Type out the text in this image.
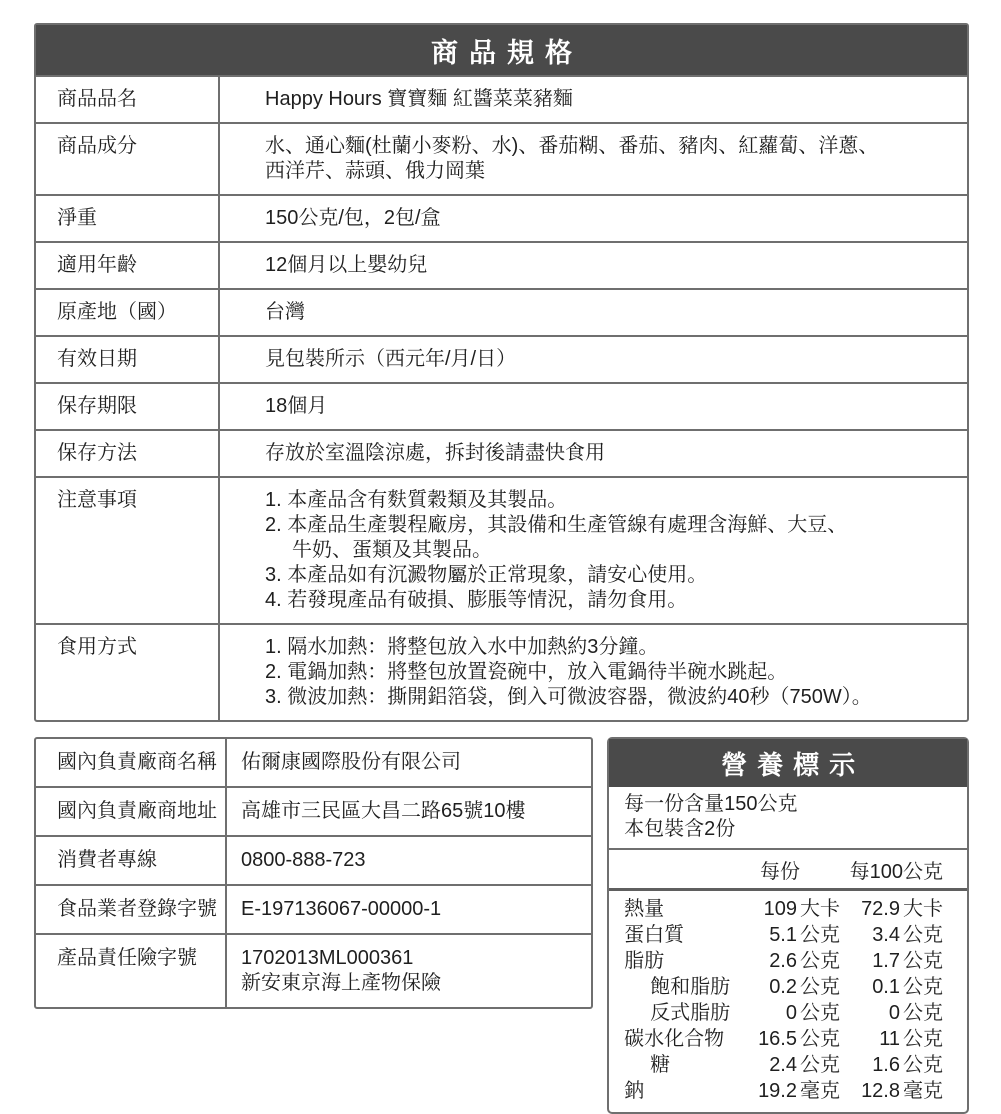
商品規格
商品品名	Happy Hours 寶寶麵 紅醬菜菜豬麵
商品成分	水、通心麵(杜蘭小麥粉、水)、番茄糊、番茄、豬肉、紅蘿蔔、洋蔥、
西洋芹、蒜頭、俄力岡葉
淨重	150公克/包，2包/盒
適用年齡	12個月以上嬰幼兒
原產地（國）	台灣
有效日期	見包裝所示（西元年/月/日）
保存期限	18個月
保存方法	存放於室溫陰涼處，拆封後請盡快食用
注意事項	1. 本產品含有麩質穀類及其製品。
2. 本產品生產製程廠房，其設備和生產管線有處理含海鮮、大豆、
牛奶、蛋類及其製品。
3. 本產品如有沉澱物屬於正常現象，請安心使用。
4. 若發現產品有破損、膨脹等情況，請勿食用。
食用方式	1. 隔水加熱：將整包放入水中加熱約3分鐘。
2. 電鍋加熱：將整包放置瓷碗中，放入電鍋待半碗水跳起。
3. 微波加熱：撕開鋁箔袋，倒入可微波容器，微波約40秒（750W）。
國內負責廠商名稱	佑爾康國際股份有限公司
國內負責廠商地址	高雄市三民區大昌二路65號10樓
消費者專線	0800-888-723
食品業者登錄字號	E-197136067-00000-1
產品責任險字號	1702013ML000361
新安東京海上產物保險
營養標示
每一份含量150公克
本包裝含2份
每份	每100公克
熱量	109 大卡	72.9 大卡
蛋白質	5.1 公克	3.4 公克
脂肪	2.6 公克	1.7 公克
飽和脂肪	0.2 公克	0.1 公克
反式脂肪	0 公克	0 公克
碳水化合物	16.5 公克	11 公克
糖	2.4 公克	1.6 公克
鈉	19.2 毫克	12.8 毫克
